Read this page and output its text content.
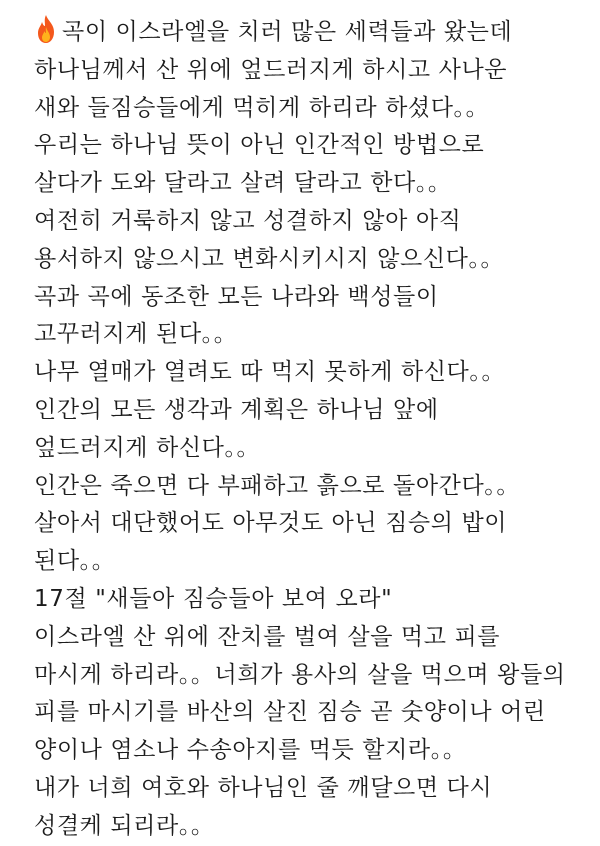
곡이 이스라엘을 치러 많은 세력들과 왔는데
하나님께서 산 위에 엎드러지게 하시고 사나운
새와 들짐승들에게 먹히게 하리라 하셨다。。
우리는 하나님 뜻이 아닌 인간적인 방법으로
살다가 도와 달라고 살려 달라고 한다。。
여전히 거룩하지 않고 성결하지 않아 아직
용서하지 않으시고 변화시키시지 않으신다。。
곡과 곡에 동조한 모든 나라와 백성들이
고꾸러지게 된다。。
나무 열매가 열려도 따 먹지 못하게 하신다。。
인간의 모든 생각과 계획은 하나님 앞에
엎드러지게 하신다。。
인간은 죽으면 다 부패하고 흙으로 돌아간다。。
살아서 대단했어도 아무것도 아닌 짐승의 밥이
된다。。
17절 "새들아 짐승들아 보여 오라"
이스라엘 산 위에 잔치를 벌여 살을 먹고 피를
마시게 하리라。。너희가 용사의 살을 먹으며 왕들의
피를 마시기를 바산의 살진 짐승 곧 숫양이나 어린
양이나 염소나 수송아지를 먹듯 할지라。。
내가 너희 여호와 하나님인 줄 깨달으면 다시
성결케 되리라。。
